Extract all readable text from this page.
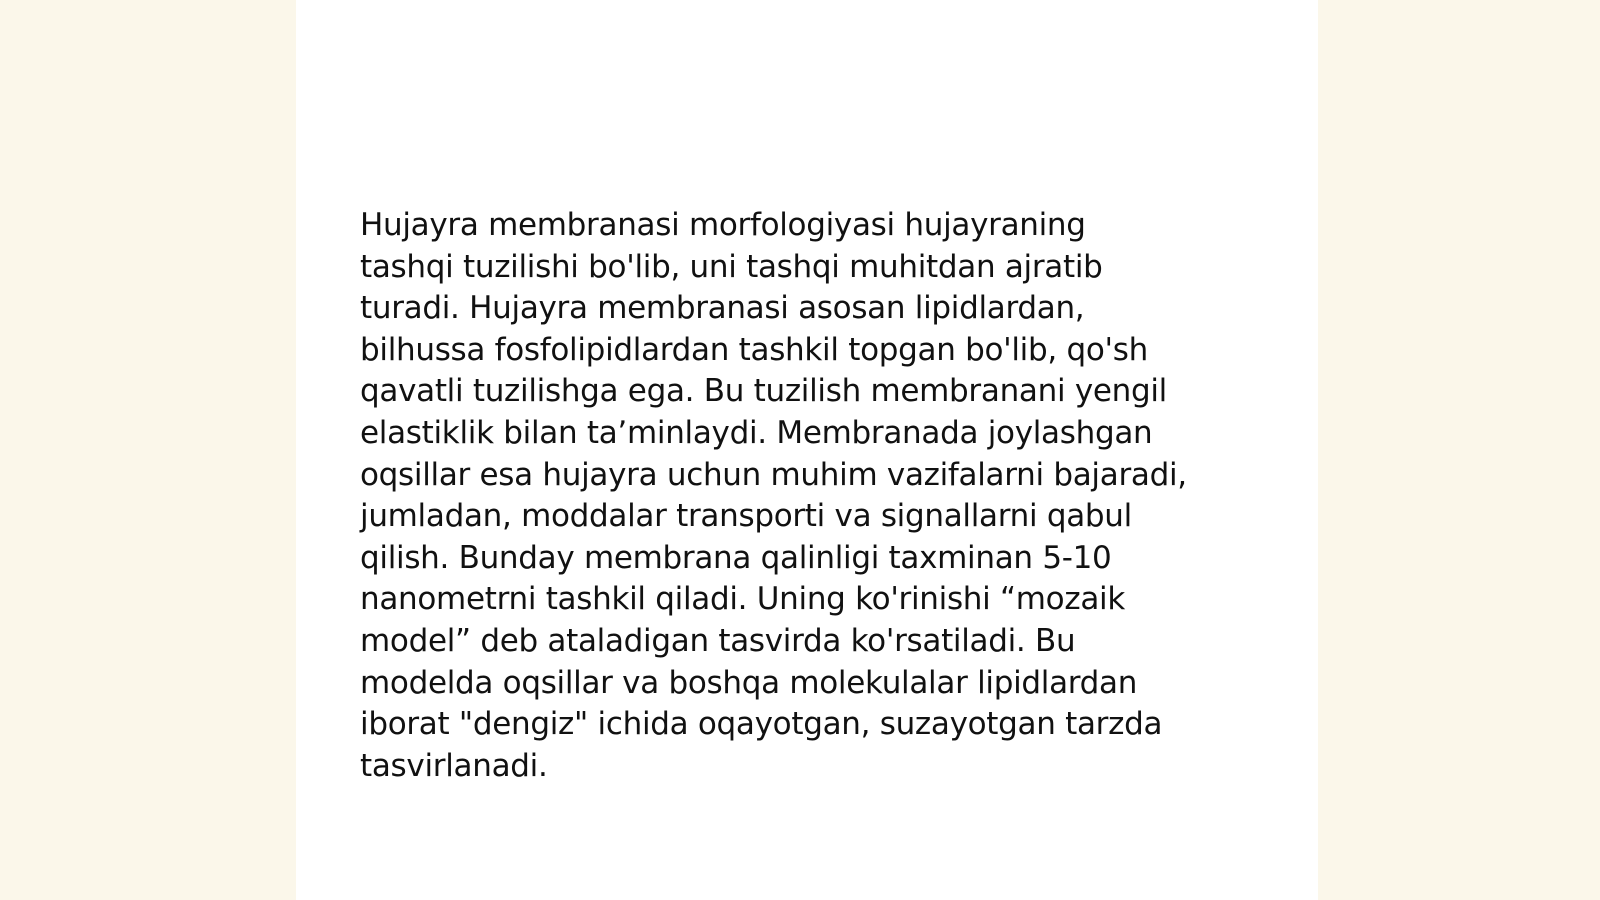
Hujayra membranasi morfologiyasi hujayraning
tashqi tuzilishi bo'lib, uni tashqi muhitdan ajratib
turadi. Hujayra membranasi asosan lipidlardan,
bilhussa fosfolipidlardan tashkil topgan bo'lib, qo'sh
qavatli tuzilishga ega. Bu tuzilish membranani yengil
elastiklik bilan ta’minlaydi. Membranada joylashgan
oqsillar esa hujayra uchun muhim vazifalarni bajaradi,
jumladan, moddalar transporti va signallarni qabul
qilish. Bunday membrana qalinligi taxminan 5-10
nanometrni tashkil qiladi. Uning ko'rinishi “mozaik
model” deb ataladigan tasvirda ko'rsatiladi. Bu
modelda oqsillar va boshqa molekulalar lipidlardan
iborat "dengiz" ichida oqayotgan, suzayotgan tarzda
tasvirlanadi.
